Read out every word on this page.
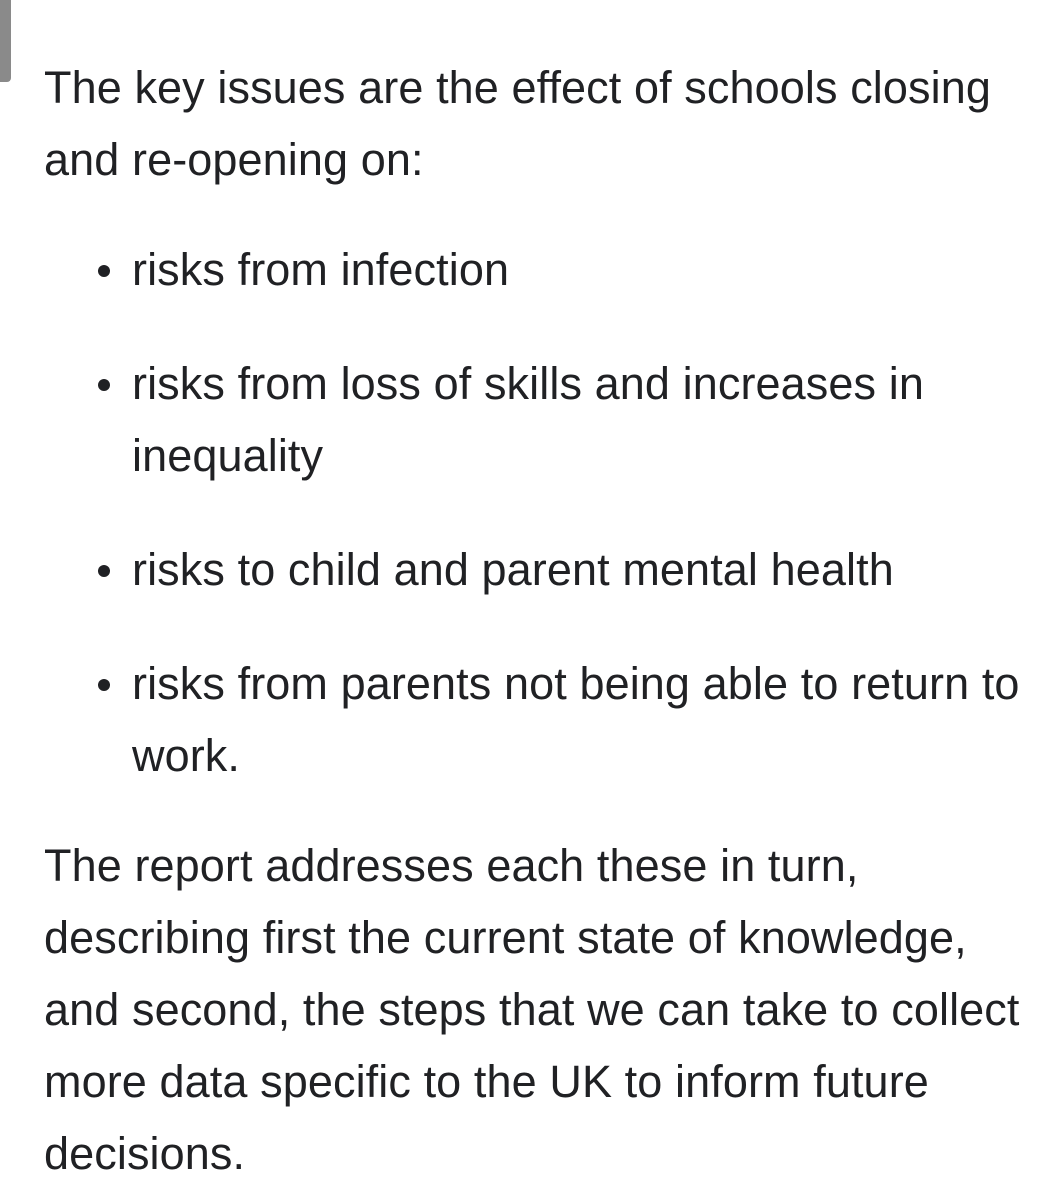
The key issues are the effect of schools closing and re-opening on:

risks from infection
risks from loss of skills and increases in inequality
risks to child and parent mental health
risks from parents not being able to return to work.

The report addresses each these in turn, describing first the current state of knowledge, and second, the steps that we can take to collect more data specific to the UK to inform future decisions.
